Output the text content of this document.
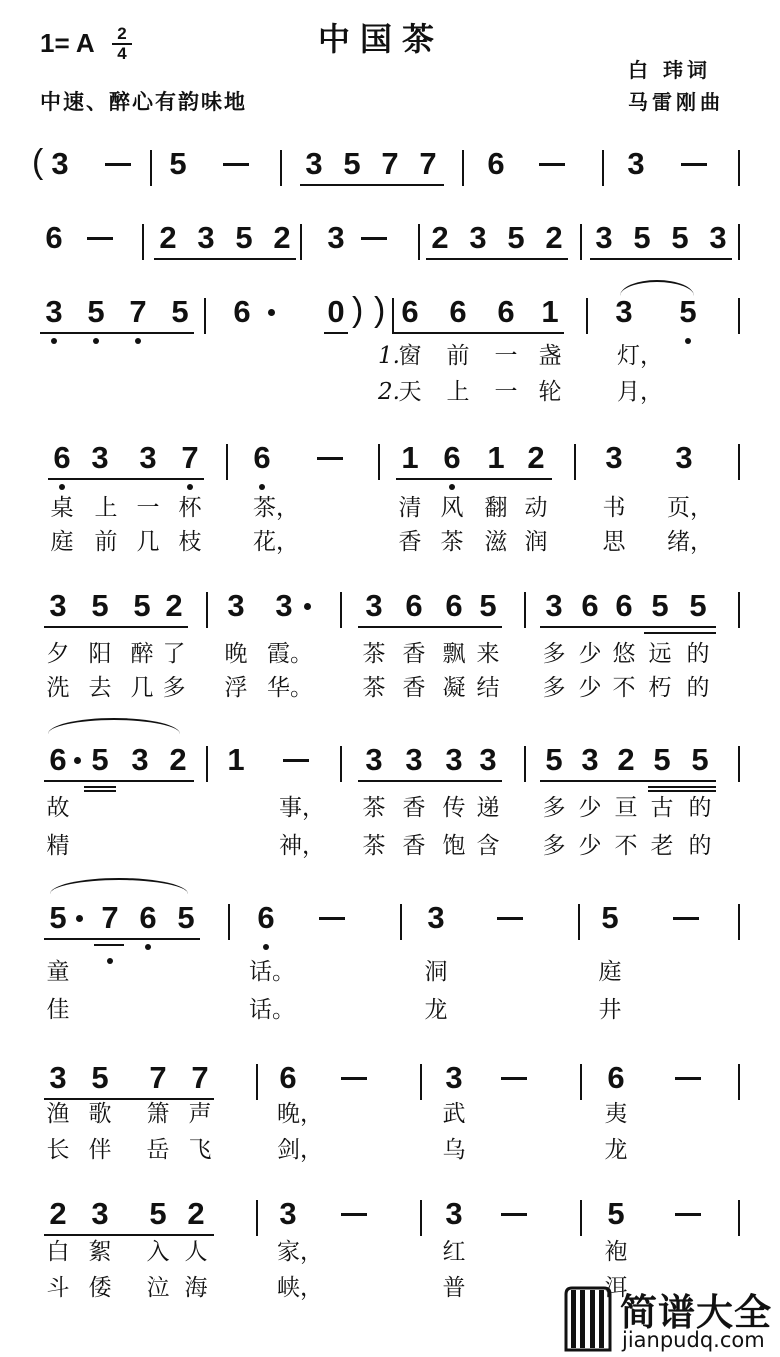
1= A	2
4	中国茶
中速、醉心有韵味地
白 玮词
马雷刚曲
3	5	3 5 7 7 6	3
(
6	2 3 5 2 3	2 3 5 2 3 5 5 3
3 5 7 5 6 0 6 6 6 1 3 5
) )
1.
2.
窗 前 一 盏 灯，
天 上 一 轮 月，
6 3 3 7 6	1 6 1 2 3 3
桌 上 一 杯 茶，	清 风 翻 动 书 页，
庭 前 几 枝 花，	香 茶 滋 润 思 绪，
3 5 5 2 3 3 3 6 6 5 3 6 6 5 5
夕 阳 醉 了 晚 霞。 茶 香 飘 来 多 少 悠 远 的
洗 去 几 多 浮 华。 茶 香 凝 结 多 少 不 朽 的
6 5 3 2 1	3 3 3 3 5 3 2 5 5
故	事， 茶 香 传 递 多 少 亘 古 的
精	神， 茶 香 饱 含 多 少 不 老 的
5 7 6 5 6	3	5
童	话。	洞	庭
佳	话。	龙	井
3 5 7 7 6	3	6
渔 歌 箫 声	晚，	武	夷
长 伴 岳 飞	剑，	乌	龙
2 3 5 2 3	3	5
白 絮 入 人	家，	红	袍
斗 倭 泣 海	峡，	普	洱
简谱大全
jianpudq.com
